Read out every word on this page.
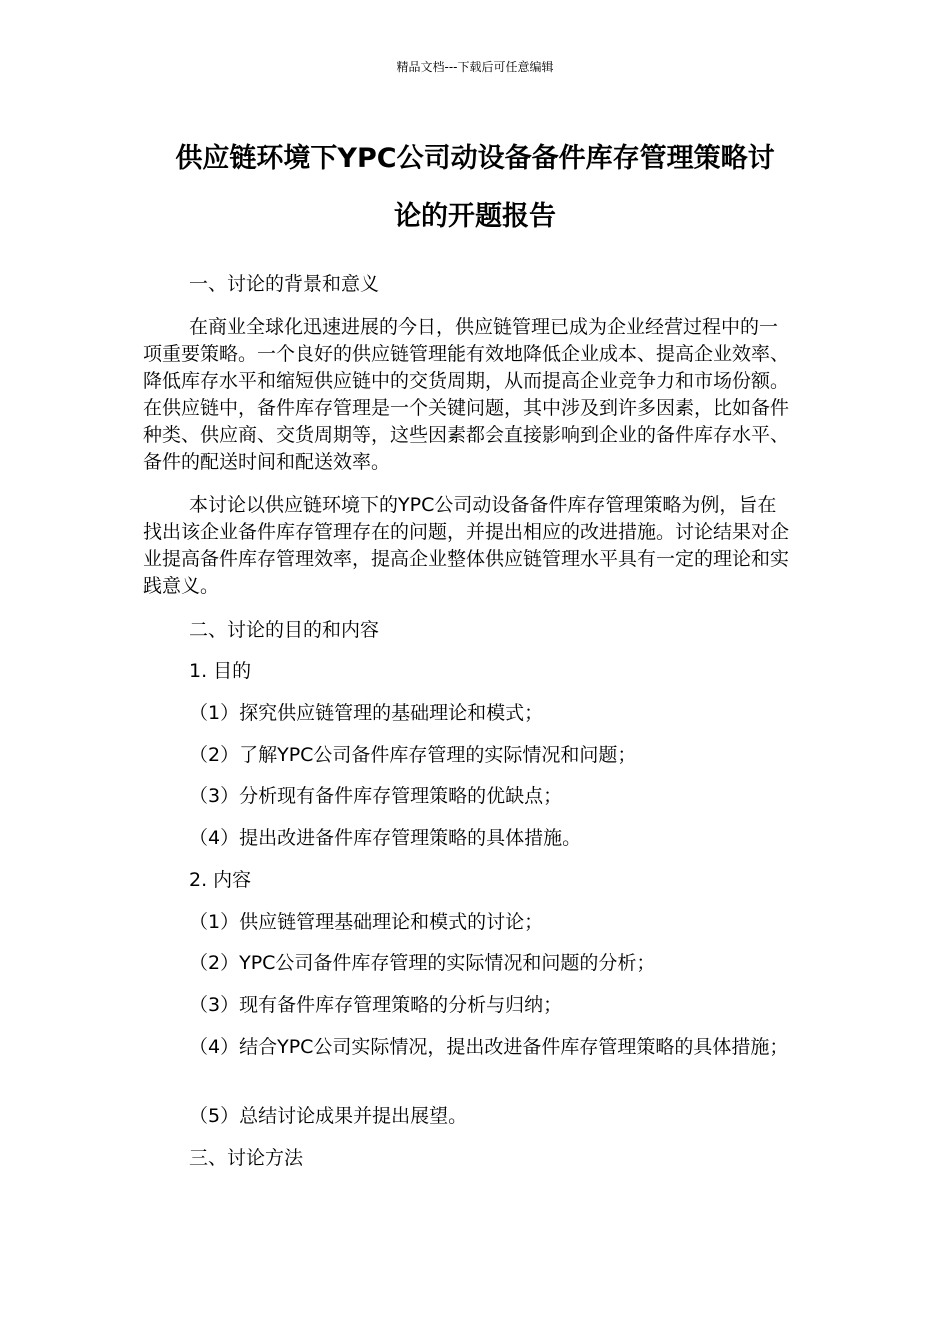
精品文档---下载后可任意编辑
供应链环境下YPC公司动设备备件库存管理策略讨
论的开题报告
一、讨论的背景和意义
在商业全球化迅速进展的今日，供应链管理已成为企业经营过程中的一项重要策略。一个良好的供应链管理能有效地降低企业成本、提高企业效率、降低库存水平和缩短供应链中的交货周期，从而提高企业竞争力和市场份额。在供应链中，备件库存管理是一个关键问题，其中涉及到许多因素，比如备件种类、供应商、交货周期等，这些因素都会直接影响到企业的备件库存水平、备件的配送时间和配送效率。
本讨论以供应链环境下的YPC公司动设备备件库存管理策略为例，旨在找出该企业备件库存管理存在的问题，并提出相应的改进措施。讨论结果对企业提高备件库存管理效率，提高企业整体供应链管理水平具有一定的理论和实践意义。
二、讨论的目的和内容
1. 目的
（1）探究供应链管理的基础理论和模式；
（2）了解YPC公司备件库存管理的实际情况和问题；
（3）分析现有备件库存管理策略的优缺点；
（4）提出改进备件库存管理策略的具体措施。
2. 内容
（1）供应链管理基础理论和模式的讨论；
（2）YPC公司备件库存管理的实际情况和问题的分析；
（3）现有备件库存管理策略的分析与归纳；
（4）结合YPC公司实际情况，提出改进备件库存管理策略的具体措施；
（5）总结讨论成果并提出展望。
三、讨论方法
